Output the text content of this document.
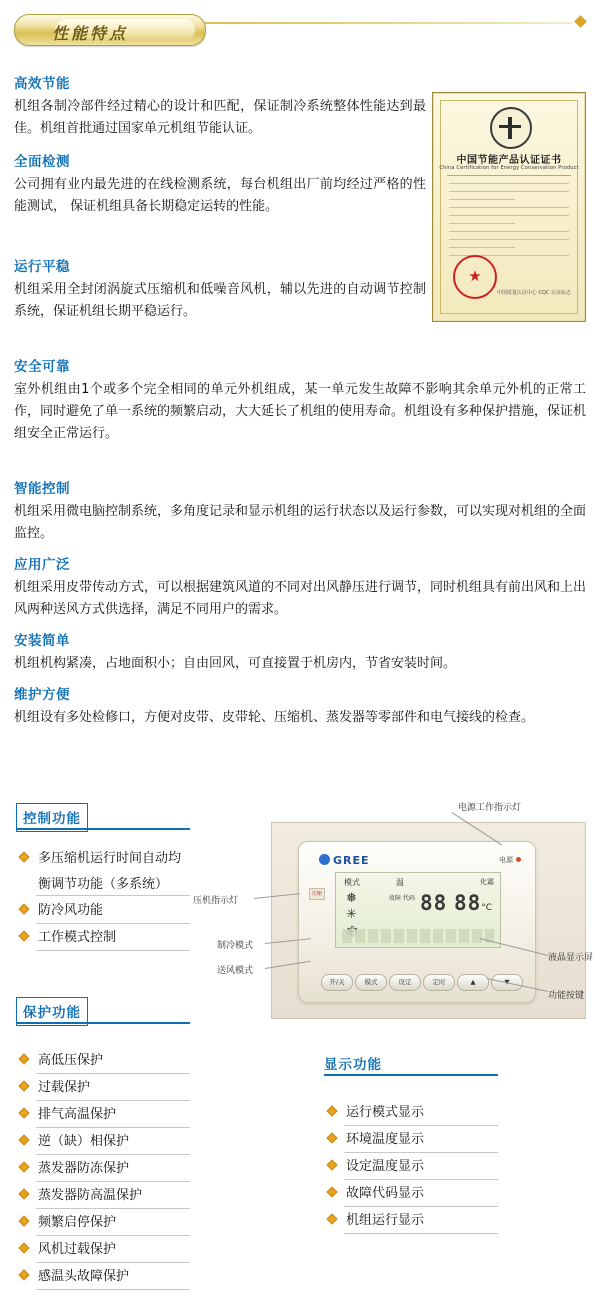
性能特点
中国节能产品认证证书
China Certification for Energy Conservation Product
★
中国质量认证中心 CQC 认证标志
高效节能

机组各制冷部件经过精心的设计和匹配，保证制冷系统整体性能达到最佳。机组首批通过国家单元机组节能认证。

全面检测

公司拥有业内最先进的在线检测系统，每台机组出厂前均经过严格的性能测试， 保证机组具备长期稳定运转的性能。

运行平稳

机组采用全封闭涡旋式压缩机和低噪音风机，辅以先进的自动调节控制系统，保证机组长期平稳运行。

安全可靠

室外机组由1个或多个完全相同的单元外机组成，某一单元发生故障不影响其余单元外机的正常工作，同时避免了单一系统的频繁启动，大大延长了机组的使用寿命。机组设有多种保护措施，保证机组安全正常运行。

智能控制

机组采用微电脑控制系统，多角度记录和显示机组的运行状态以及运行参数，可以实现对机组的全面监控。

应用广泛

机组采用皮带传动方式，可以根据建筑风道的不同对出风静压进行调节，同时机组具有前出风和上出风两种送风方式供选择，满足不同用户的需求。

安装简单

机组机构紧凑，占地面积小；自由回风，可直接置于机房内，节省安装时间。

维护方便

机组设有多处检修口，方便对皮带、皮带轮、压缩机、蒸发器等零部件和电气接线的检查。

控制功能
多压缩机运行时间自动均
衡调节功能（多系统）
防冷风功能
工作模式控制
保护功能
高低压保护
过载保护
排气高温保护
逆（缺）相保护
蒸发器防冻保护
蒸发器防高温保护
频繁启停保护
风机过载保护
感温头故障保护
显示功能
运行模式显示
环境温度显示
设定温度显示
故障代码显示
机组运行显示
GREE	电源
压缩
模式	温	化霜
故障 代码 88 88 °C
❅
✳
开/关	模式	设定	定时	▲
电源工作指示灯
压机指示灯
制冷模式
送风模式
液晶显示屏
功能按键
